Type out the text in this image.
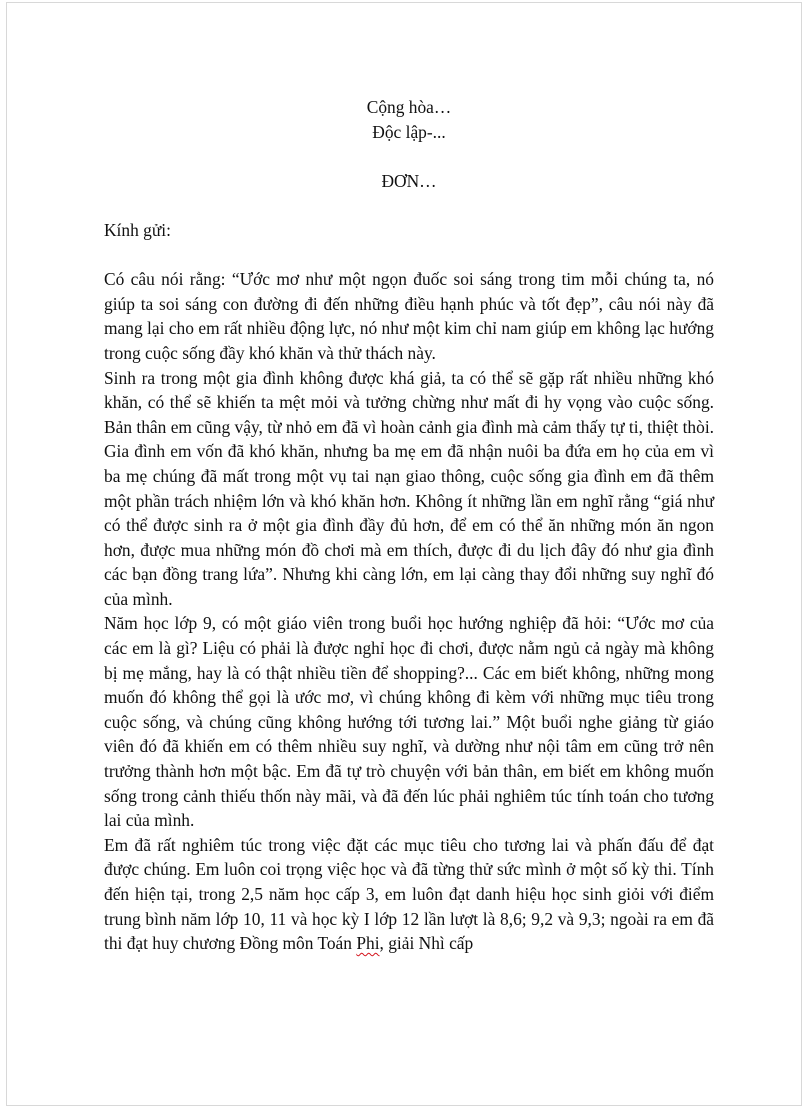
Cộng hòa…

Độc lập-...

ĐƠN…

Kính gửi:

Có câu nói rằng: “Ước mơ như một ngọn đuốc soi sáng trong tim mỗi chúng ta, nó giúp ta soi sáng con đường đi đến những điều hạnh phúc và tốt đẹp”, câu nói này đã mang lại cho em rất nhiều động lực, nó như một kim chỉ nam giúp em không lạc hướng trong cuộc sống đầy khó khăn và thử thách này.

Sinh ra trong một gia đình không được khá giả, ta có thể sẽ gặp rất nhiều những khó khăn, có thể sẽ khiến ta mệt mỏi và tưởng chừng như mất đi hy vọng vào cuộc sống. Bản thân em cũng vậy, từ nhỏ em đã vì hoàn cảnh gia đình mà cảm thấy tự ti, thiệt thòi. Gia đình em vốn đã khó khăn, nhưng ba mẹ em đã nhận nuôi ba đứa em họ của em vì ba mẹ chúng đã mất trong một vụ tai nạn giao thông, cuộc sống gia đình em đã thêm một phần trách nhiệm lớn và khó khăn hơn. Không ít những lần em nghĩ rằng “giá như có thể được sinh ra ở một gia đình đầy đủ hơn, để em có thể ăn những món ăn ngon hơn, được mua những món đồ chơi mà em thích, được đi du lịch đây đó như gia đình các bạn đồng trang lứa”. Nhưng khi càng lớn, em lại càng thay đổi những suy nghĩ đó của mình.

Năm học lớp 9, có một giáo viên trong buổi học hướng nghiệp đã hỏi: “Ước mơ của các em là gì? Liệu có phải là được nghỉ học đi chơi, được nằm ngủ cả ngày mà không bị mẹ mắng, hay là có thật nhiều tiền để shopping?... Các em biết không, những mong muốn đó không thể gọi là ước mơ, vì chúng không đi kèm với những mục tiêu trong cuộc sống, và chúng cũng không hướng tới tương lai.” Một buổi nghe giảng từ giáo viên đó đã khiến em có thêm nhiều suy nghĩ, và dường như nội tâm em cũng trở nên trưởng thành hơn một bậc. Em đã tự trò chuyện với bản thân, em biết em không muốn sống trong cảnh thiếu thốn này mãi, và đã đến lúc phải nghiêm túc tính toán cho tương lai của mình.

Em đã rất nghiêm túc trong việc đặt các mục tiêu cho tương lai và phấn đấu để đạt được chúng. Em luôn coi trọng việc học và đã từng thử sức mình ở một số kỳ thi. Tính đến hiện tại, trong 2,5 năm học cấp 3, em luôn đạt danh hiệu học sinh giỏi với điểm trung bình năm lớp 10, 11 và học kỳ I lớp 12 lần lượt là 8,6; 9,2 và 9,3; ngoài ra em đã thi đạt huy chương Đồng môn Toán Phi, giải Nhì cấp
